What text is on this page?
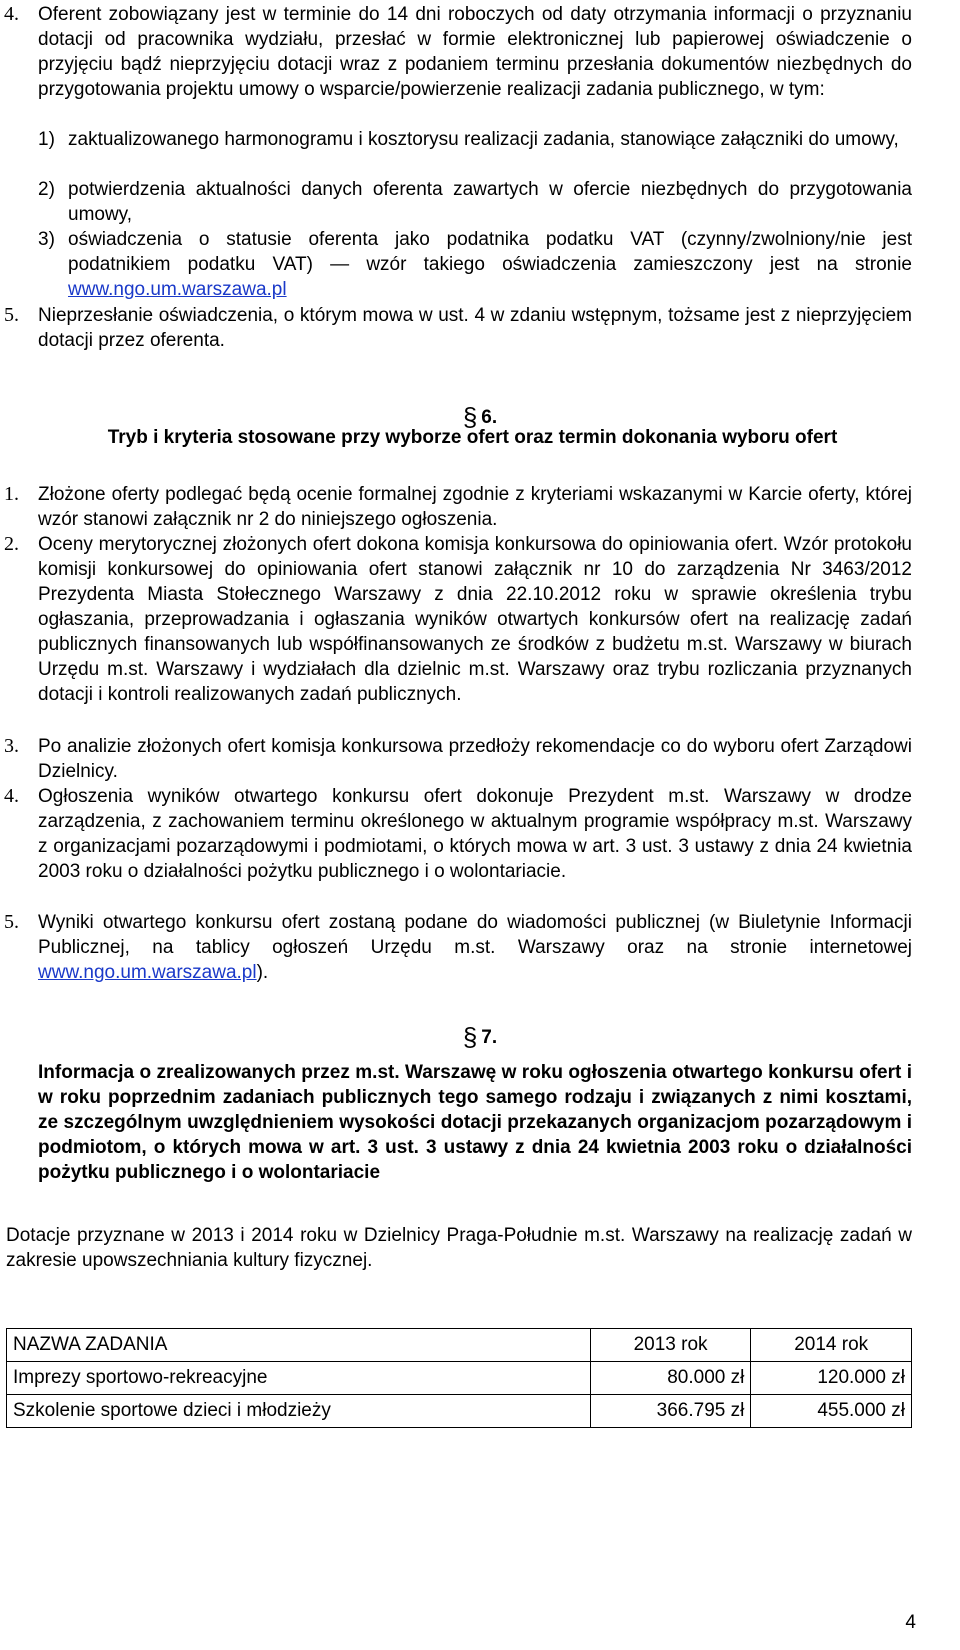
4.	Oferent zobowiązany jest w terminie do 14 dni roboczych od daty otrzymania informacji o przyznaniu dotacji od pracownika wydziału, przesłać w formie elektronicznej lub papierowej oświadczenie o przyjęciu bądź nieprzyjęciu dotacji wraz z podaniem terminu przesłania dokumentów niezbędnych do przygotowania projektu umowy o wsparcie/powierzenie realizacji zadania publicznego, w tym:
1) zaktualizowanego harmonogramu i kosztorysu realizacji zadania, stanowiące załączniki do umowy,
2) potwierdzenia aktualności danych oferenta zawartych w ofercie niezbędnych do przygotowania umowy,
3) oświadczenia o statusie oferenta jako podatnika podatku VAT (czynny/zwolniony/nie jest podatnikiem podatku VAT) — wzór takiego oświadczenia zamieszczony jest na stronie www.ngo.um.warszawa.pl
5.	Nieprzesłanie oświadczenia, o którym mowa w ust. 4 w zdaniu wstępnym, tożsame jest z nieprzyjęciem dotacji przez oferenta.
§ 6.
Tryb i kryteria stosowane przy wyborze ofert oraz termin dokonania wyboru ofert
1.	Złożone oferty podlegać będą ocenie formalnej zgodnie z kryteriami wskazanymi w Karcie oferty, której wzór stanowi załącznik nr 2 do niniejszego ogłoszenia.
2.	Oceny merytorycznej złożonych ofert dokona komisja konkursowa do opiniowania ofert. Wzór protokołu komisji konkursowej do opiniowania ofert stanowi załącznik nr 10 do zarządzenia Nr 3463/2012 Prezydenta Miasta Stołecznego Warszawy z dnia 22.10.2012 roku w sprawie określenia trybu ogłaszania, przeprowadzania i ogłaszania wyników otwartych konkursów ofert na realizację zadań publicznych finansowanych lub współfinansowanych ze środków z budżetu m.st. Warszawy w biurach Urzędu m.st. Warszawy i wydziałach dla dzielnic m.st. Warszawy oraz trybu rozliczania przyznanych dotacji i kontroli realizowanych zadań publicznych.
3.	Po analizie złożonych ofert komisja konkursowa przedłoży rekomendacje co do wyboru ofert Zarządowi Dzielnicy.
4.	Ogłoszenia wyników otwartego konkursu ofert dokonuje Prezydent m.st. Warszawy w drodze zarządzenia, z zachowaniem terminu określonego w aktualnym programie współpracy m.st. Warszawy z organizacjami pozarządowymi i podmiotami, o których mowa w art. 3 ust. 3 ustawy z dnia 24 kwietnia 2003 roku o działalności pożytku publicznego i o wolontariacie.
5.	Wyniki otwartego konkursu ofert zostaną podane do wiadomości publicznej (w Biuletynie Informacji Publicznej, na tablicy ogłoszeń Urzędu m.st. Warszawy oraz na stronie internetowej www.ngo.um.warszawa.pl).
§ 7.
Informacja o zrealizowanych przez m.st. Warszawę w roku ogłoszenia otwartego konkursu ofert i w roku poprzednim zadaniach publicznych tego samego rodzaju i związanych z nimi kosztami, ze szczególnym uwzględnieniem wysokości dotacji przekazanych organizacjom pozarządowym i podmiotom, o których mowa w art. 3 ust. 3 ustawy z dnia 24 kwietnia 2003 roku o działalności pożytku publicznego i o wolontariacie
Dotacje przyznane w 2013 i 2014 roku w Dzielnicy Praga-Południe m.st. Warszawy na realizację zadań w zakresie upowszechniania kultury fizycznej.
NAZWA ZADANIA	2013 rok	2014 rok
Imprezy sportowo-rekreacyjne	80.000 zł	120.000 zł
Szkolenie sportowe dzieci i młodzieży	366.795 zł	455.000 zł
4
